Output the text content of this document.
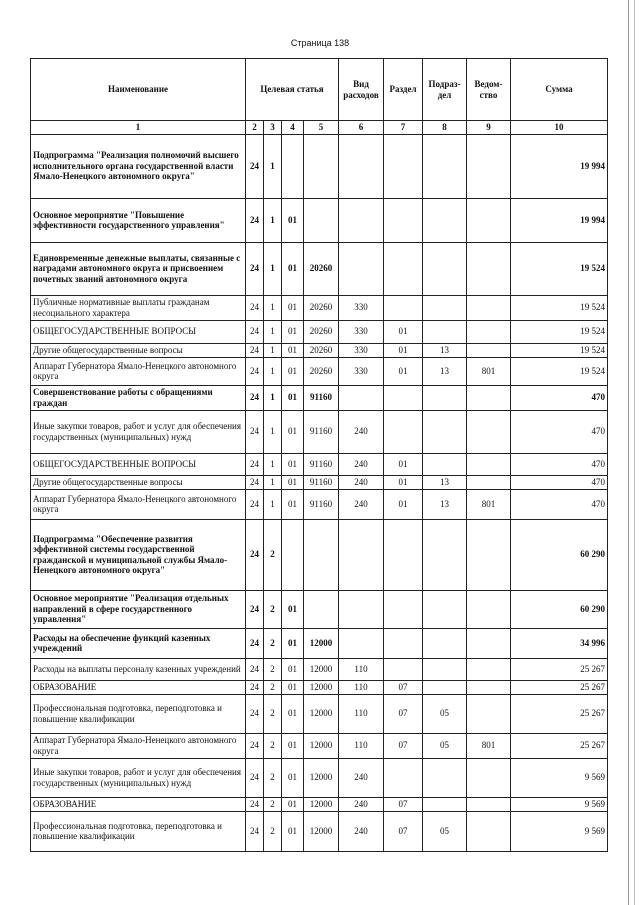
Страница 138
Наименование	Целевая статья				Вид расходов	Раздел	Подраз-дел	Ведом-ство	Сумма
1	2	3	4	5	6	7	8	9	10
Подпрограмма "Реализация полномочий высшего исполнительного органа государственной власти Ямало-Ненецкого автономного округа"	24	1							19 994
Основное мероприятие "Повышение эффективности государственного управления"	24	1	01						19 994
Единовременные денежные выплаты, связанные с наградами автономного округа и присвоением почетных званий автономного округа	24	1	01	20260					19 524
Публичные нормативные выплаты гражданам несоциального характера	24	1	01	20260	330				19 524
ОБЩЕГОСУДАРСТВЕННЫЕ ВОПРОСЫ	24	1	01	20260	330	01			19 524
Другие общегосударственные вопросы	24	1	01	20260	330	01	13		19 524
Аппарат Губернатора Ямало-Ненецкого автономного округа	24	1	01	20260	330	01	13	801	19 524
Совершенствование работы с обращениями граждан	24	1	01	91160					470
Иные закупки товаров, работ и услуг для обеспечения государственных (муниципальных) нужд	24	1	01	91160	240				470
ОБЩЕГОСУДАРСТВЕННЫЕ ВОПРОСЫ	24	1	01	91160	240	01			470
Другие общегосударственные вопросы	24	1	01	91160	240	01	13		470
Аппарат Губернатора Ямало-Ненецкого автономного округа	24	1	01	91160	240	01	13	801	470
Подпрограмма "Обеспечение развития эффективной системы государственной гражданской и муниципальной службы Ямало-Ненецкого автономного округа"	24	2							60 290
Основное мероприятие "Реализация отдельных направлений в сфере государственного управления"	24	2	01						60 290
Расходы на обеспечение функций казенных учреждений	24	2	01	12000					34 996
Расходы на выплаты персоналу казенных учреждений	24	2	01	12000	110				25 267
ОБРАЗОВАНИЕ	24	2	01	12000	110	07			25 267
Профессиональная подготовка, переподготовка и повышение квалификации	24	2	01	12000	110	07	05		25 267
Аппарат Губернатора Ямало-Ненецкого автономного округа	24	2	01	12000	110	07	05	801	25 267
Иные закупки товаров, работ и услуг для обеспечения государственных (муниципальных) нужд	24	2	01	12000	240				9 569
ОБРАЗОВАНИЕ	24	2	01	12000	240	07			9 569
Профессиональная подготовка, переподготовка и повышение квалификации	24	2	01	12000	240	07	05		9 569
